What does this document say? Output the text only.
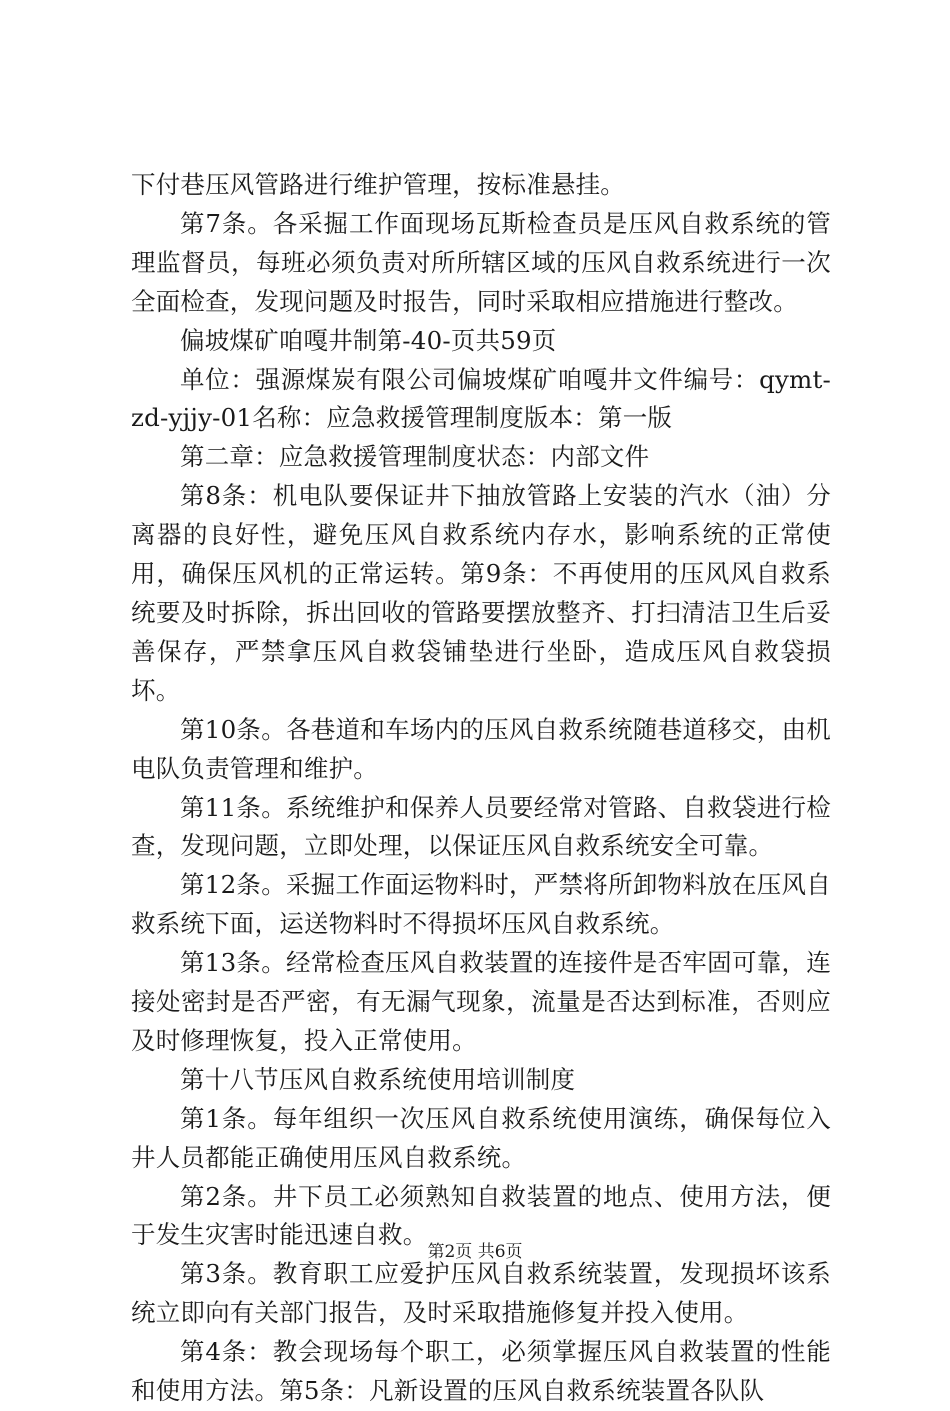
下付巷压风管路进行维护管理，按标准悬挂。

第7条。各采掘工作面现场瓦斯检查员是压风自救系统的管理监督员，每班必须负责对所所辖区域的压风自救系统进行一次全面检查，发现问题及时报告，同时采取相应措施进行整改。

偏坡煤矿咱嘎井制第-40-页共59页

单位：强源煤炭有限公司偏坡煤矿咱嘎井文件编号：qymt-zd-yjjy-01名称：应急救援管理制度版本：第一版

第二章：应急救援管理制度状态：内部文件

第8条：机电队要保证井下抽放管路上安装的汽水（油）分离器的良好性，避免压风自救系统内存水，影响系统的正常使用，确保压风机的正常运转。第9条：不再使用的压风风自救系统要及时拆除，拆出回收的管路要摆放整齐、打扫清洁卫生后妥善保存，严禁拿压风自救袋铺垫进行坐卧，造成压风自救袋损坏。

第10条。各巷道和车场内的压风自救系统随巷道移交，由机电队负责管理和维护。

第11条。系统维护和保养人员要经常对管路、自救袋进行检查，发现问题，立即处理，以保证压风自救系统安全可靠。

第12条。采掘工作面运物料时，严禁将所卸物料放在压风自救系统下面，运送物料时不得损坏压风自救系统。

第13条。经常检查压风自救装置的连接件是否牢固可靠，连接处密封是否严密，有无漏气现象，流量是否达到标准，否则应及时修理恢复，投入正常使用。

第十八节压风自救系统使用培训制度

第1条。每年组织一次压风自救系统使用演练，确保每位入井人员都能正确使用压风自救系统。

第2条。井下员工必须熟知自救装置的地点、使用方法，便于发生灾害时能迅速自救。

第3条。教育职工应爱护压风自救系统装置，发现损坏该系统立即向有关部门报告，及时采取措施修复并投入使用。

第4条：教会现场每个职工，必须掌握压风自救装置的性能和使用方法。第5条：凡新设置的压风自救系统装置各队队

第2页 共6页
